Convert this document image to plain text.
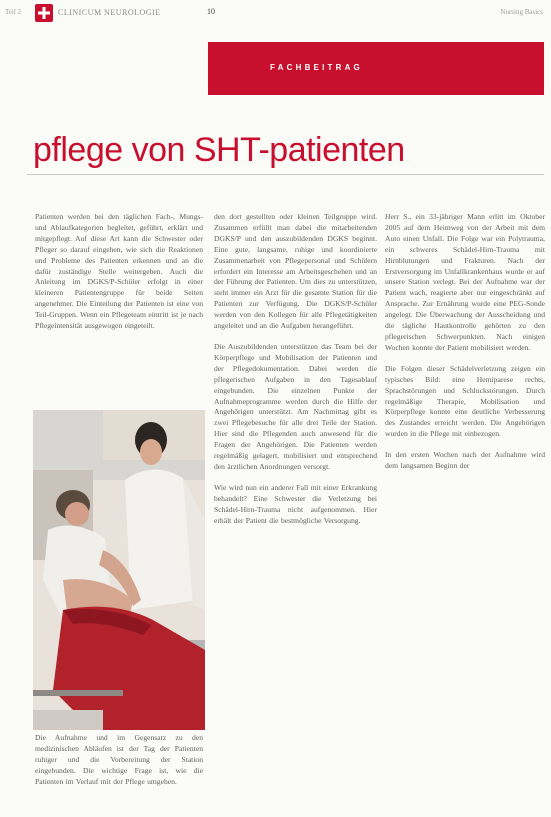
Teil 2	CLINICUM NEUROLOGIE	10	Nursing Basics
FACHBEITRAG
pflege von SHT-patienten

Patienten werden bei den täglichen Fach-, Mungs- und Ablaufkategorien begleitet, geführt, erklärt und mitgepflegt. Auf diese Art kann die Schwester oder Pfleger so darauf eingehen, wie sich die Reaktionen und Probleme des Patienten erkennen und an die dafür zuständige Stelle weitergeben. Auch die Anleitung im DGKS/P-Schüler erfolgt in einer kleineren Patientengruppe für beide Seiten angenehmer. Die Einteilung der Patienten ist eine von Teil-Gruppen. Wenn ein Pflegeteam eintritt ist je nach Pflegeintensität ausgewogen eingeteilt.

Die Aufnahme und im Gegensatz zu den medizinischen Abläufen ist der Tag der Patienten ruhiger und die Vorbereitung der Station eingebunden. Die wichtige Frage ist, wie die Patienten im Verlauf mit der Pflege umgehen.

den dort gestellten oder kleinen Teilgruppe wird. Zusammen erfüllt man dabei die mitarbeitenden DGKS/P und den auszubildenden DGKS beginnt. Eine gute, langsame, ruhige und koordinierte Zusammenarbeit von Pflegepersonal und Schülern erfordert ein Interesse am Arbeitsgeschehen und an der Führung der Patienten. Um dies zu unterstützen, steht immer ein Arzt für die gesamte Station für die Patienten zur Verfügung. Die DGKS/P-Schüler werden von den Kollegen für alle Pflegetätigkeiten angeleitet und an die Aufgaben herangeführt.

Die Auszubildenden unterstützen das Team bei der Körperpflege und Mobilisation der Patienten und der Pflegedokumentation. Dabei werden die pflegerischen Aufgaben in den Tagesablauf eingebunden. Die einzelnen Punkte der Aufnahmeprogramme werden durch die Hilfe der Angehörigen unterstützt. Am Nachmittag gibt es zwei Pflegebesuche für alle drei Teile der Station. Hier sind die Pflegenden auch anwesend für die Fragen der Angehörigen. Die Patienten werden regelmäßig gelagert, mobilisiert und entsprechend den ärztlichen Anordnungen versorgt.

Wie wird nun ein anderer Fall mit einer Erkrankung behandelt? Eine Schwester die Verletzung bei Schädel-Hirn-Trauma nicht aufgenommen. Hier erhält der Patient die bestmögliche Versorgung.

Herr S., ein 33-jähriger Mann erlitt im Oktober 2005 auf dem Heimweg von der Arbeit mit dem Auto einen Unfall. Die Folge war ein Polytrauma, ein schweres Schädel-Hirn-Trauma mit Hirnblutungen und Frakturen. Nach der Erstversorgung im Unfallkrankenhaus wurde er auf unsere Station verlegt. Bei der Aufnahme war der Patient wach, reagierte aber nur eingeschränkt auf Ansprache. Zur Ernährung wurde eine PEG-Sonde angelegt. Die Überwachung der Ausscheidung und die tägliche Hautkontrolle gehörten zu den pflegerischen Schwerpunkten. Nach einigen Wochen konnte der Patient mobilisiert werden.

Die Folgen dieser Schädelverletzung zeigen ein typisches Bild: eine Hemiparese rechts, Sprachstörungen und Schluckstörungen. Durch regelmäßige Therapie, Mobilisation und Körperpflege konnte eine deutliche Verbesserung des Zustandes erreicht werden. Die Angehörigen wurden in die Pflege mit einbezogen.

In den ersten Wochen nach der Aufnahme wird dem langsamen Beginn der
